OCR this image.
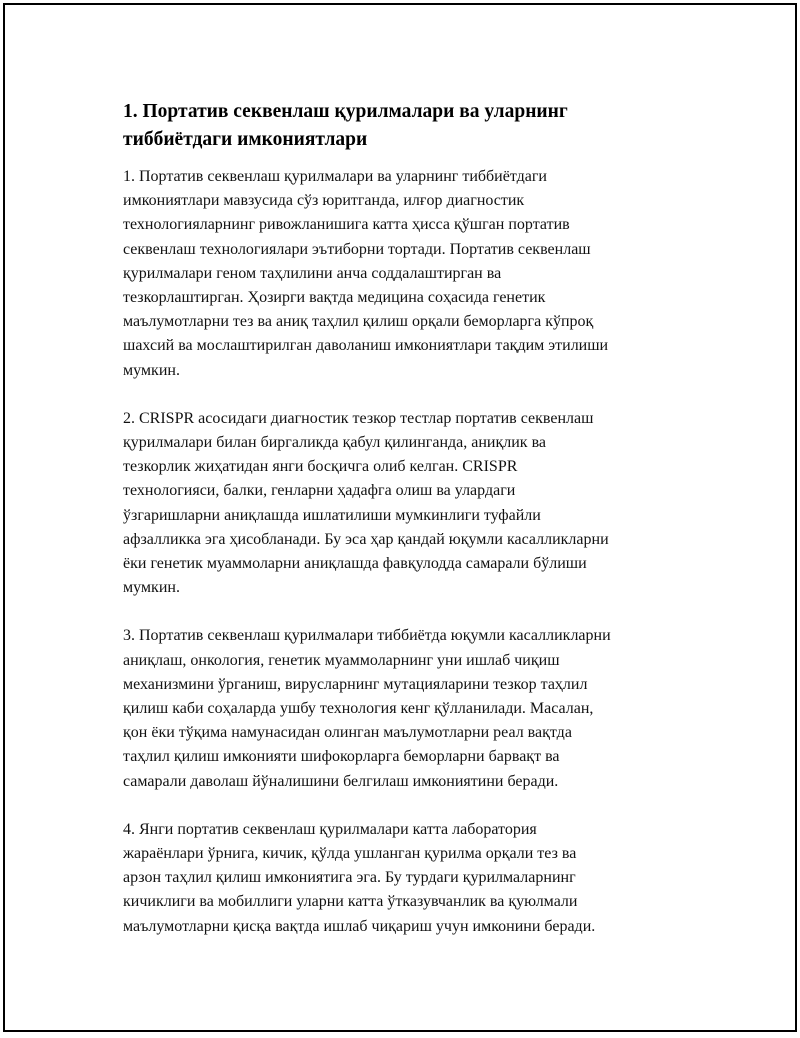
1. Портатив секвенлаш қурилмалари ва уларнинг
тиббиётдаги имкониятлари

1. Портатив секвенлаш қурилмалари ва уларнинг тиббиётдаги
имкониятлари мавзусида сўз юритганда, илғор диагностик
технологияларнинг ривожланишига катта ҳисса қўшган портатив
секвенлаш технологиялари эътиборни тортади. Портатив секвенлаш
қурилмалари геном таҳлилини анча соддалаштирган ва
тезкорлаштирган. Ҳозирги вақтда медицина соҳасида генетик
маълумотларни тез ва аниқ таҳлил қилиш орқали беморларга кўпроқ
шахсий ва мослаштирилган даволаниш имкониятлари тақдим этилиши
мумкин.

2. CRISPR асосидаги диагностик тезкор тестлар портатив секвенлаш
қурилмалари билан биргаликда қабул қилинганда, аниқлик ва
тезкорлик жиҳатидан янги босқичга олиб келган. CRISPR
технологияси, балки, генларни ҳадафга олиш ва улардаги
ўзгаришларни аниқлашда ишлатилиши мумкинлиги туфайли
афзалликка эга ҳисобланади. Бу эса ҳар қандай юқумли касалликларни
ёки генетик муаммоларни аниқлашда фавқулодда самарали бўлиши
мумкин.

3. Портатив секвенлаш қурилмалари тиббиётда юқумли касалликларни
аниқлаш, онкология, генетик муаммоларнинг уни ишлаб чиқиш
механизмини ўрганиш, вирусларнинг мутацияларини тезкор таҳлил
қилиш каби соҳаларда ушбу технология кенг қўлланилади. Масалан,
қон ёки тўқима намунасидан олинган маълумотларни реал вақтда
таҳлил қилиш имконияти шифокорларга беморларни барвақт ва
самарали даволаш йўналишини белгилаш имкониятини беради.

4. Янги портатив секвенлаш қурилмалари катта лаборатория
жараёнлари ўрнига, кичик, қўлда ушланган қурилма орқали тез ва
арзон таҳлил қилиш имкониятига эга. Бу турдаги қурилмаларнинг
кичиклиги ва мобиллиги уларни катта ўтказувчанлик ва қуюлмали
маълумотларни қисқа вақтда ишлаб чиқариш учун имконини беради.
